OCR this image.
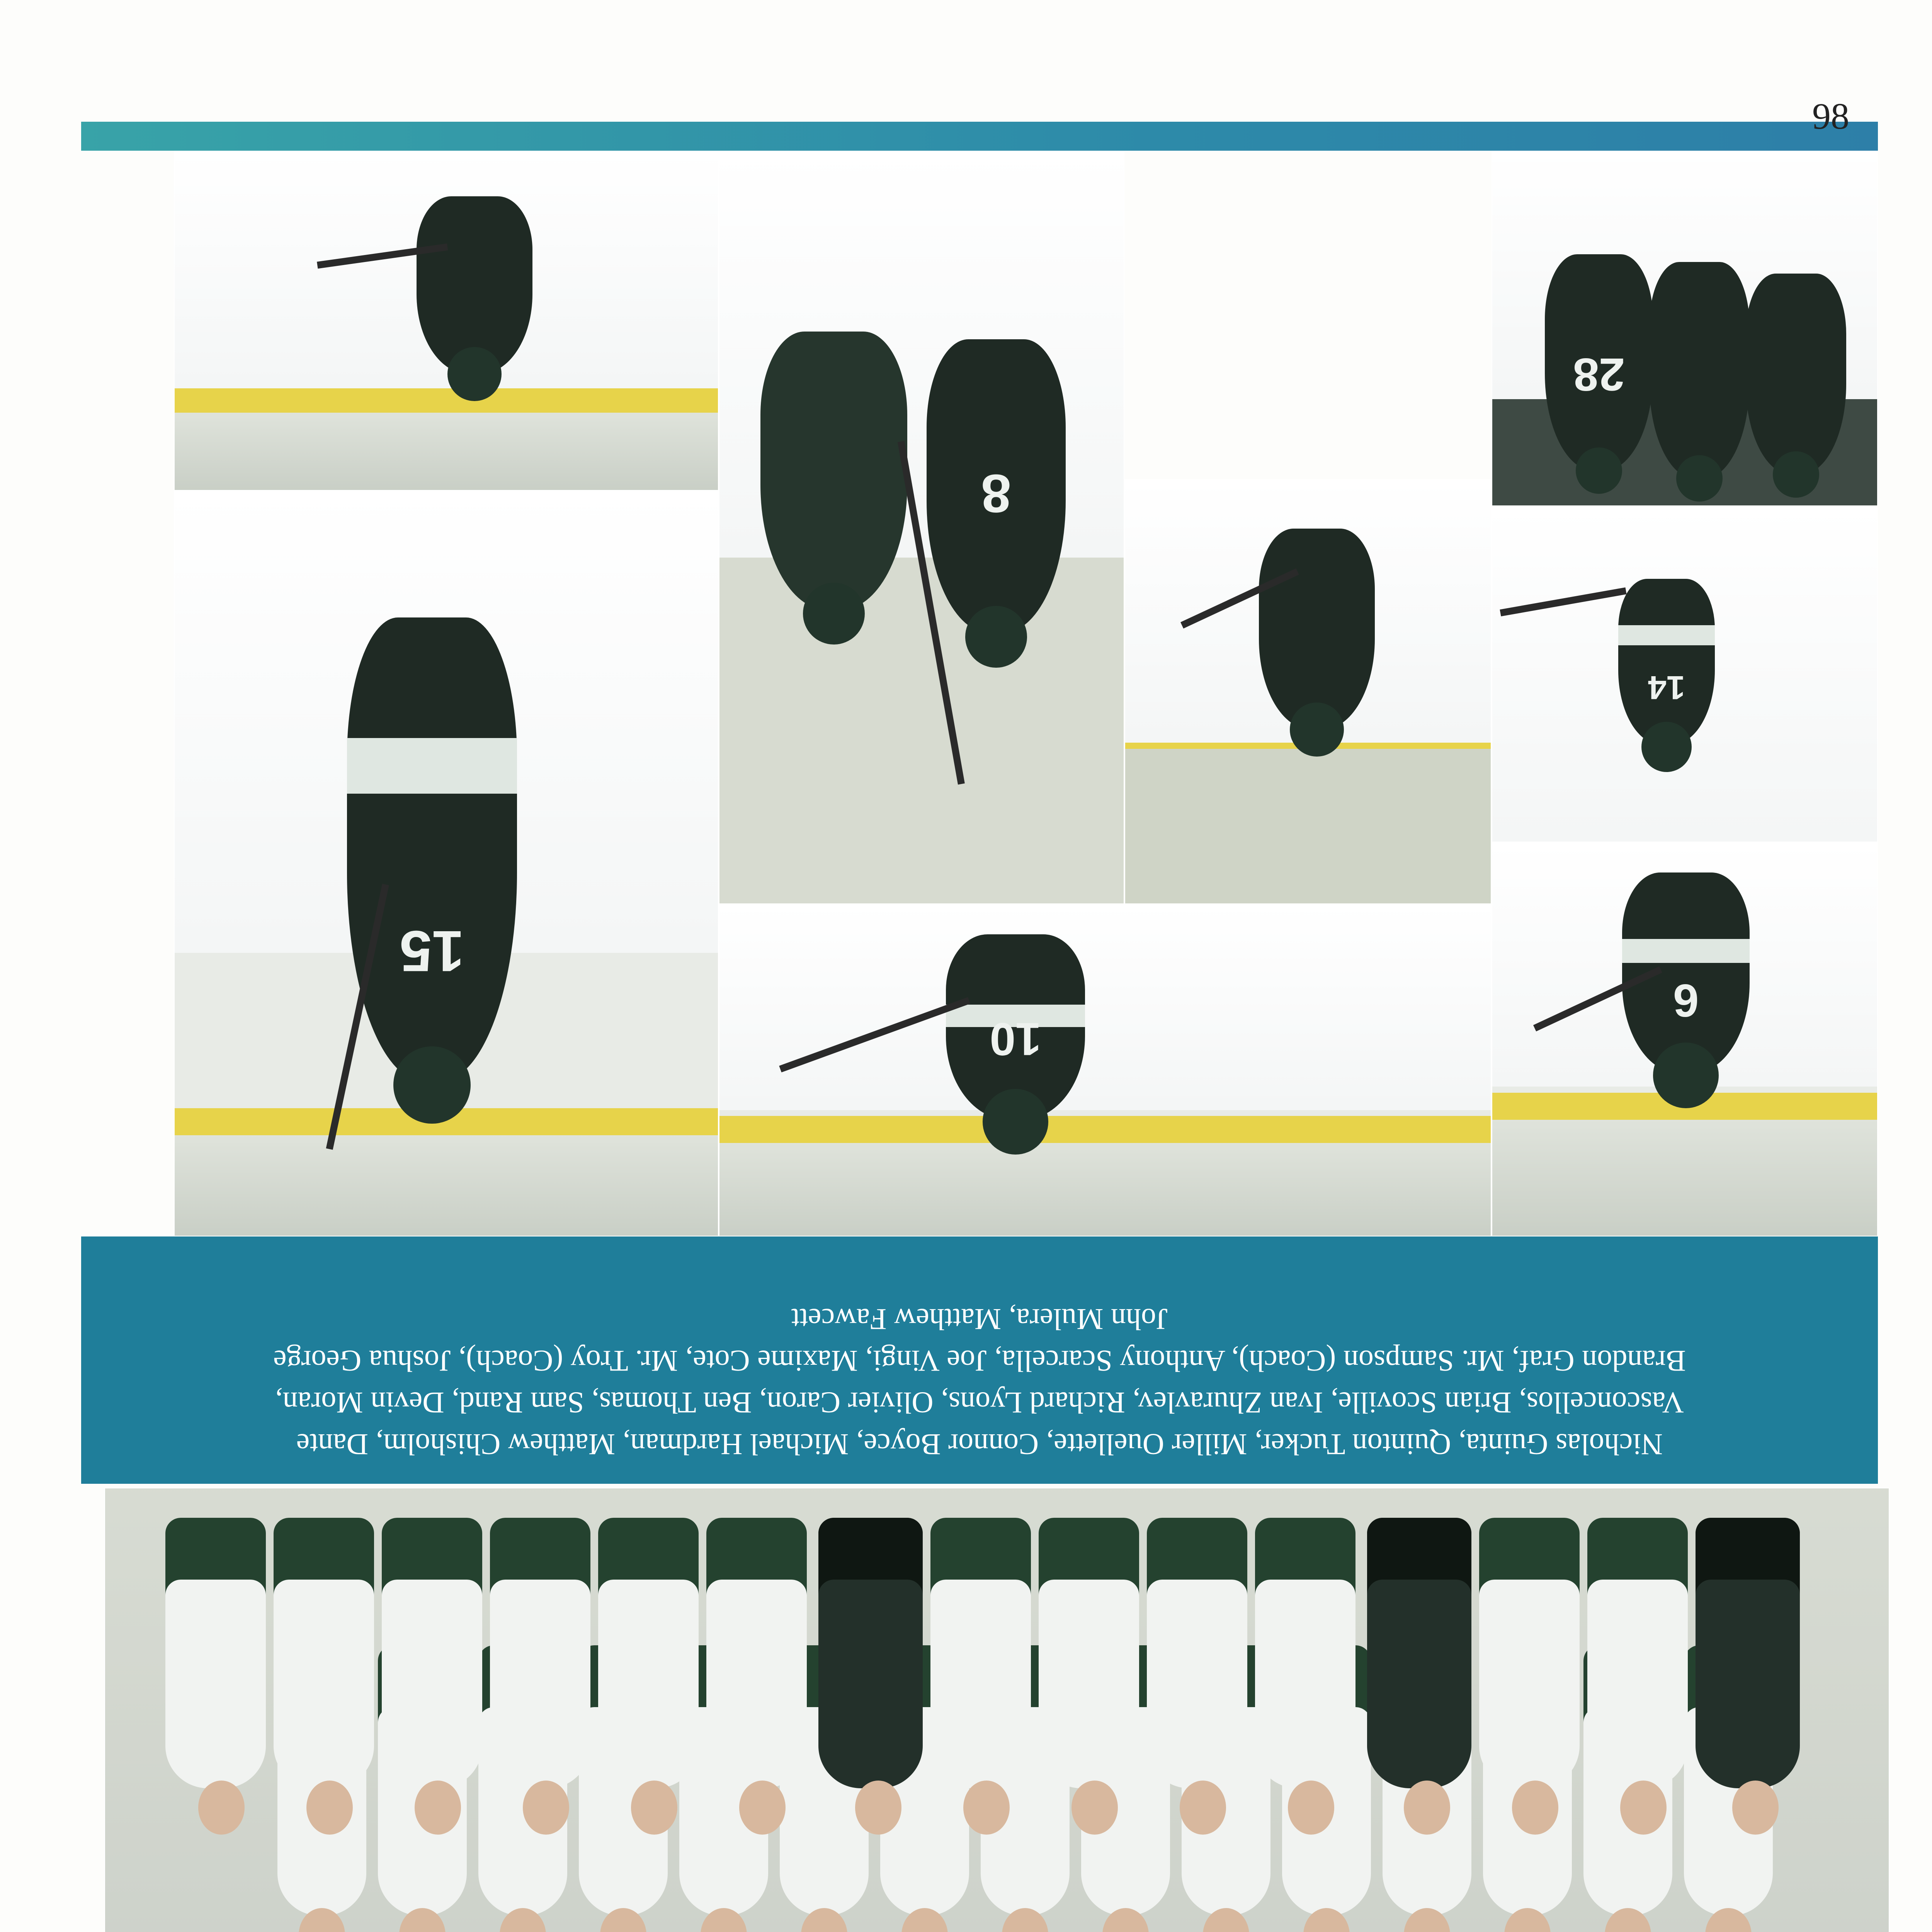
Nicholas Guinta, Quinton Tucker, Miller Ouellette, Connor Boyce, Michael Hardman, Matthew Chisholm, Dante

Vasconcellos, Brian Scoville, Ivan Zhuravlev, Richard Lyons, Olivier Caron, Ben Thomas, Sam Rand, Devin Moran,

Brandon Graf, Mr. Sampson (Coach), Anthony Scarcella, Joe Vingi, Maxime Cote, Mr. Troy (Coach), Joshua George

John Mulera, Matthew Fawcett

6
14
28
10
8
15
98
